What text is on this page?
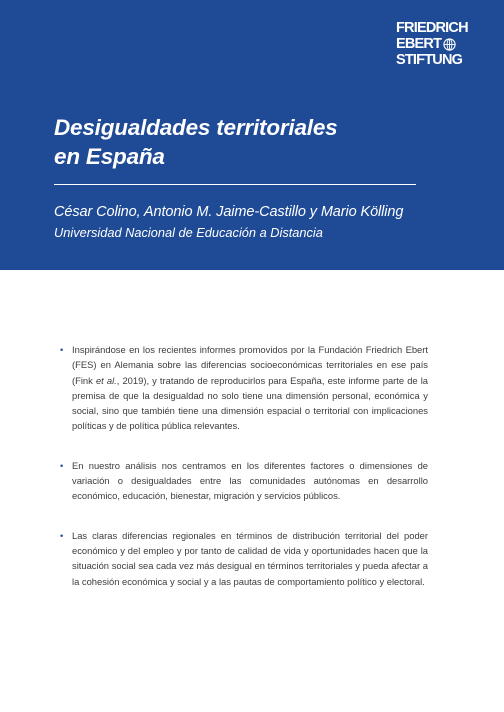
FRIEDRICH
EBERT
STIFTUNG
Desigualdades territoriales
en España
César Colino, Antonio M. Jaime-Castillo y Mario Kölling
Universidad Nacional de Educación a Distancia
• Inspirándose en los recientes informes promovidos por la Fundación Friedrich Ebert (FES) en Alemania sobre las diferencias socioeconómicas territoriales en ese país (Fink et al., 2019), y tratando de reproducirlos para España, este informe parte de la premisa de que la desigualdad no solo tiene una dimensión personal, económica y social, sino que también tiene una dimensión espacial o territorial con implicaciones políticas y de política pública relevantes.
• En nuestro análisis nos centramos en los diferentes factores o dimensiones de variación o desigualdades entre las comunidades autónomas en desarrollo económico, educación, bienestar, migración y servicios públicos.
• Las claras diferencias regionales en términos de distribución territorial del poder económico y del empleo y por tanto de calidad de vida y oportunidades hacen que la situación social sea cada vez más desigual en términos territoriales y pueda afectar a la cohesión económica y social y a las pautas de comportamiento político y electoral.
